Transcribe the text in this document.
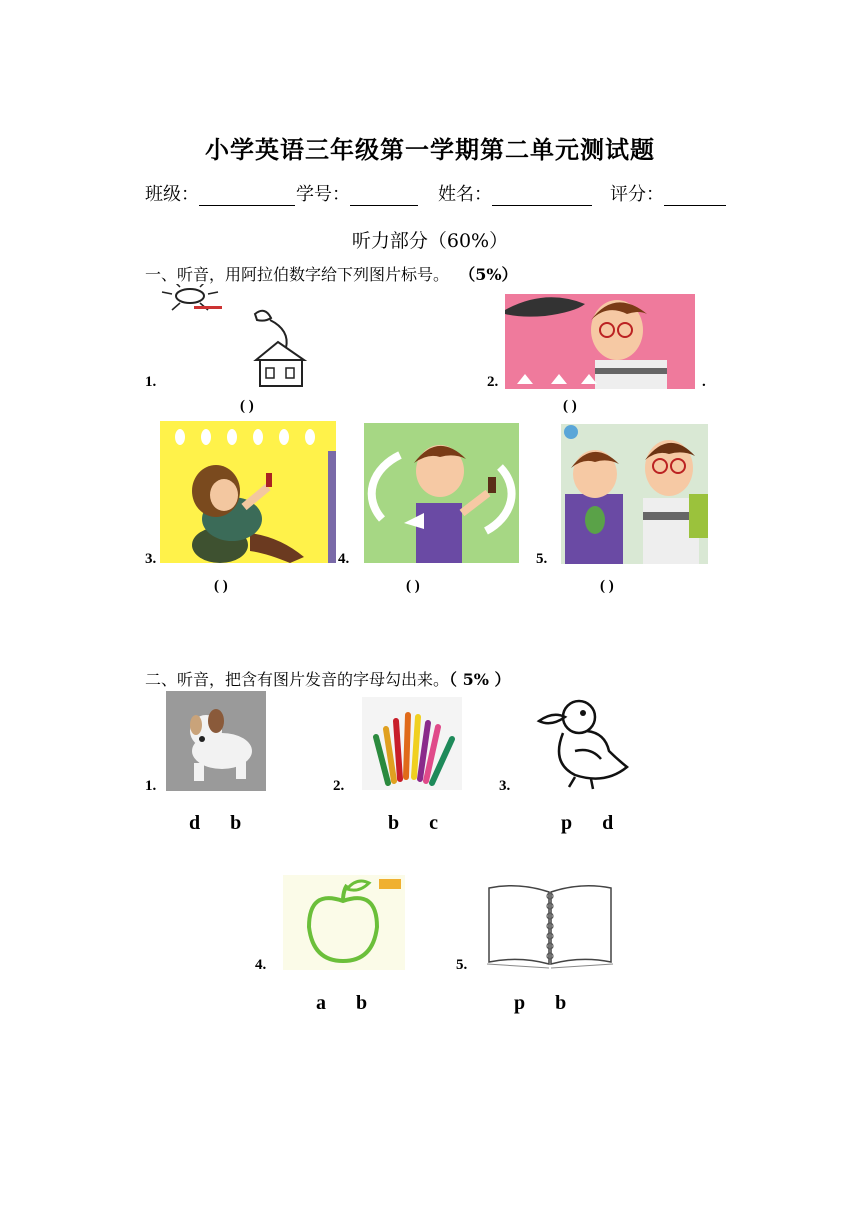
小学英语三年级第一学期第二单元测试题
班级：	学号：	姓名：	评分：
听力部分（60%）
一、听音，用阿拉伯数字给下列图片标号。 （5%）
1.
( )
2.	.
( )
3.
( )
4.
( )
5.
( )
二、听音，把含有图片发音的字母勾出来。（ 5% ）
1.
d      b
2.
b      c
3.
p      d
4.
a      b
5.
p      b
